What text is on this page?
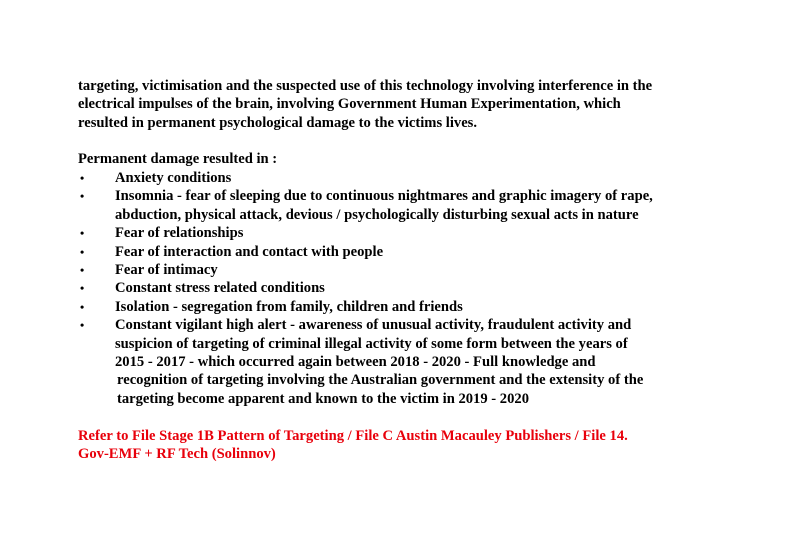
targeting, victimisation and the suspected use of this technology involving interference in the
electrical impulses of the brain, involving Government Human Experimentation, which
resulted in permanent psychological damage to the victims lives.

Permanent damage resulted in :

• Anxiety conditions
• Insomnia - fear of sleeping due to continuous nightmares and graphic imagery of rape,
abduction, physical attack, devious / psychologically disturbing sexual acts in nature
• Fear of relationships
• Fear of interaction and contact with people
• Fear of intimacy
• Constant stress related conditions
• Isolation - segregation from family, children and friends
• Constant vigilant high alert - awareness of unusual activity, fraudulent activity and
suspicion of targeting of criminal illegal activity of some form between the years of
2015 - 2017 - which occurred again between 2018 - 2020 - Full knowledge and
recognition of targeting involving the Australian government and the extensity of the
targeting become apparent and known to the victim in 2019 - 2020

Refer to File Stage 1B Pattern of Targeting / File C Austin Macauley Publishers / File 14.
Gov-EMF + RF Tech (Solinnov)
